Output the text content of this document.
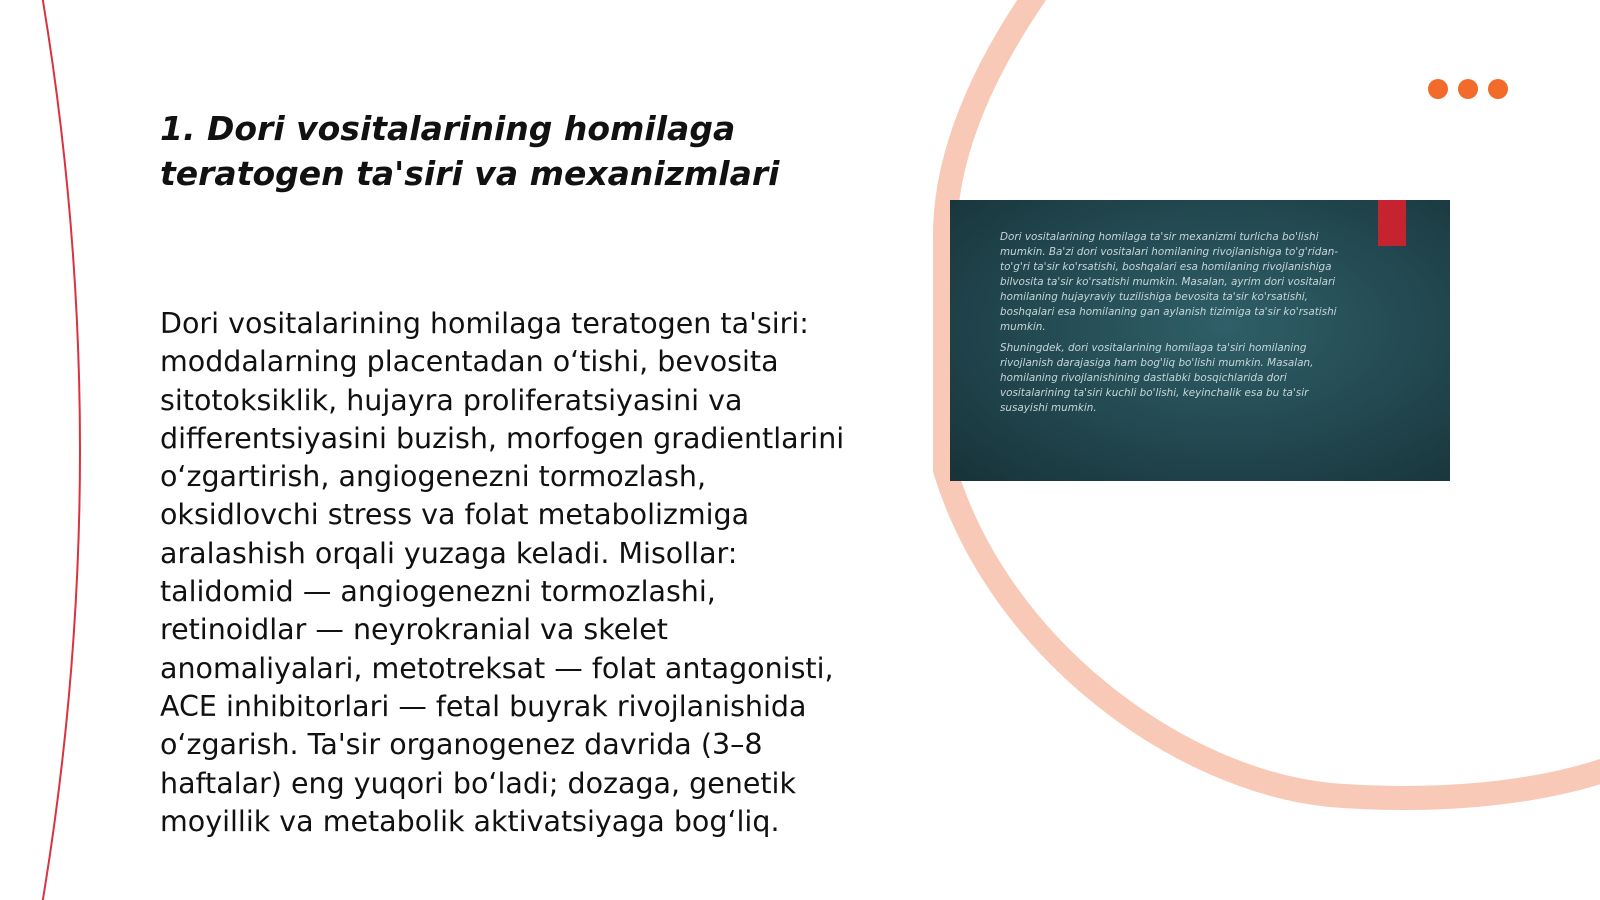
1. Dori vositalarining homilaga teratogen ta'siri va mexanizmlari

Dori vositalarining homilaga teratogen ta'siri: moddalarning placentadan o‘tishi, bevosita sitotoksiklik, hujayra proliferatsiyasini va differentsiyasini buzish, morfogen gradientlarini o‘zgartirish, angiogenezni tormozlash, oksidlovchi stress va folat metabolizmiga aralashish orqali yuzaga keladi. Misollar: talidomid — angiogenezni tormozlashi, retinoidlar — neyrokranial va skelet anomaliyalari, metotreksat — folat antagonisti, ACE inhibitorlari — fetal buyrak rivojlanishida o‘zgarish. Ta'sir organogenez davrida (3–8 haftalar) eng yuqori bo‘ladi; dozaga, genetik moyillik va metabolik aktivatsiyaga bog‘liq.

Dori vositalarining homilaga ta'sir mexanizmi turlicha bo'lishi mumkin. Ba'zi dori vositalari homilaning rivojlanishiga to'g'ridan-to'g'ri ta'sir ko'rsatishi, boshqalari esa homilaning rivojlanishiga bilvosita ta'sir ko'rsatishi mumkin. Masalan, ayrim dori vositalari homilaning hujayraviy tuzilishiga bevosita ta'sir ko'rsatishi, boshqalari esa homilaning gan aylanish tizimiga ta'sir ko'rsatishi mumkin.

Shuningdek, dori vositalarining homilaga ta'siri homilaning rivojlanish darajasiga ham bog'liq bo'lishi mumkin. Masalan, homilaning rivojlanishining dastlabki bosqichlarida dori vositalarining ta'siri kuchli bo'lishi, keyinchalik esa bu ta'sir susayishi mumkin.
